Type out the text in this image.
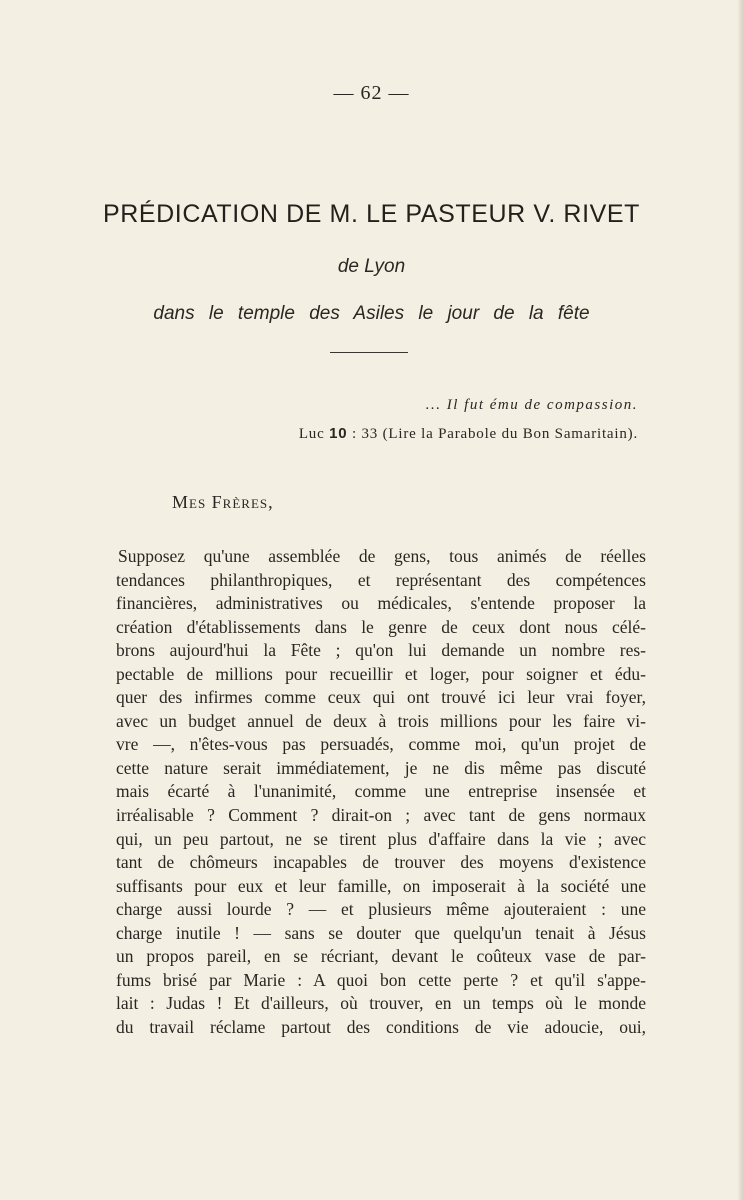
— 62 —
PRÉDICATION DE M. LE PASTEUR V. RIVET
de Lyon
dans le temple des Asiles le jour de la fête
... Il fut ému de compassion.
Luc 10 : 33 (Lire la Parabole du Bon Samaritain).
Mes Frères,
Supposez qu'une assemblée de gens, tous animés de réelles
tendances philanthropiques, et représentant des compétences
financières, administratives ou médicales, s'entende proposer la
création d'établissements dans le genre de ceux dont nous célé-
brons aujourd'hui la Fête ; qu'on lui demande un nombre res-
pectable de millions pour recueillir et loger, pour soigner et édu-
quer des infirmes comme ceux qui ont trouvé ici leur vrai foyer,
avec un budget annuel de deux à trois millions pour les faire vi-
vre —, n'êtes-vous pas persuadés, comme moi, qu'un projet de
cette nature serait immédiatement, je ne dis même pas discuté
mais écarté à l'unanimité, comme une entreprise insensée et
irréalisable ? Comment ? dirait-on ; avec tant de gens normaux
qui, un peu partout, ne se tirent plus d'affaire dans la vie ; avec
tant de chômeurs incapables de trouver des moyens d'existence
suffisants pour eux et leur famille, on imposerait à la société une
charge aussi lourde ? — et plusieurs même ajouteraient : une
charge inutile ! — sans se douter que quelqu'un tenait à Jésus
un propos pareil, en se récriant, devant le coûteux vase de par-
fums brisé par Marie : A quoi bon cette perte ? et qu'il s'appe-
lait : Judas ! Et d'ailleurs, où trouver, en un temps où le monde
du travail réclame partout des conditions de vie adoucie, oui,
